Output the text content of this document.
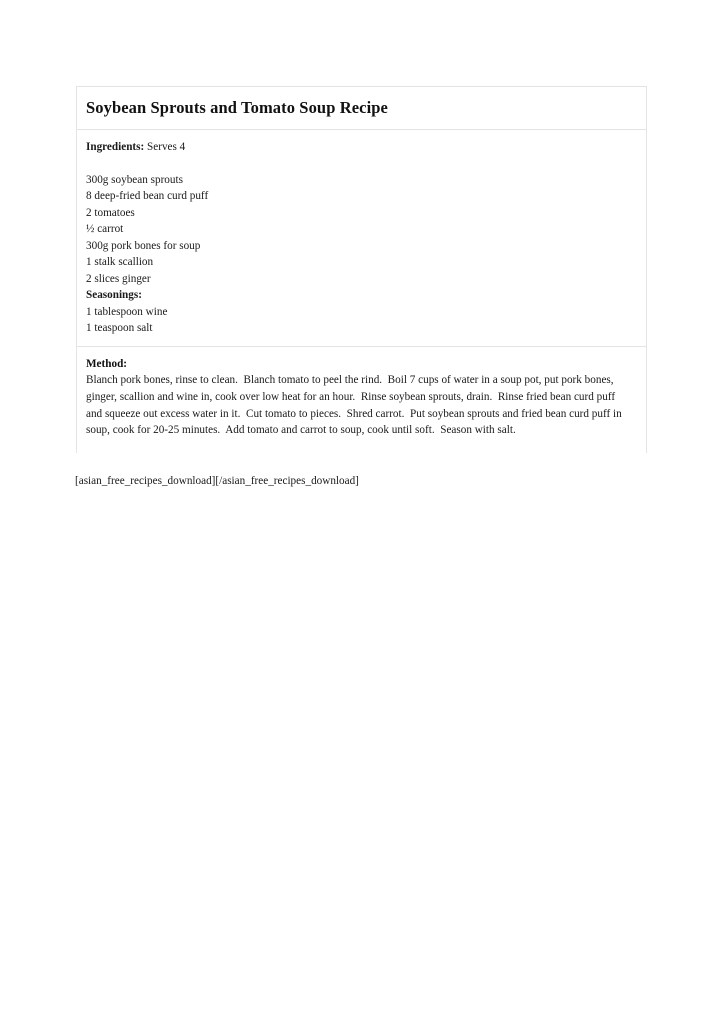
Soybean Sprouts and Tomato Soup Recipe
Ingredients: Serves 4
300g soybean sprouts
8 deep-fried bean curd puff
2 tomatoes
½ carrot
300g pork bones for soup
1 stalk scallion
2 slices ginger
Seasonings:
1 tablespoon wine
1 teaspoon salt
Method:
Blanch pork bones, rinse to clean.  Blanch tomato to peel the rind.  Boil 7 cups of water in a soup pot, put pork bones, ginger, scallion and wine in, cook over low heat for an hour.  Rinse soybean sprouts, drain.  Rinse fried bean curd puff and squeeze out excess water in it.  Cut tomato to pieces.  Shred carrot.  Put soybean sprouts and fried bean curd puff in soup, cook for 20-25 minutes.  Add tomato and carrot to soup, cook until soft.  Season with salt.
[asian_free_recipes_download][/asian_free_recipes_download]
